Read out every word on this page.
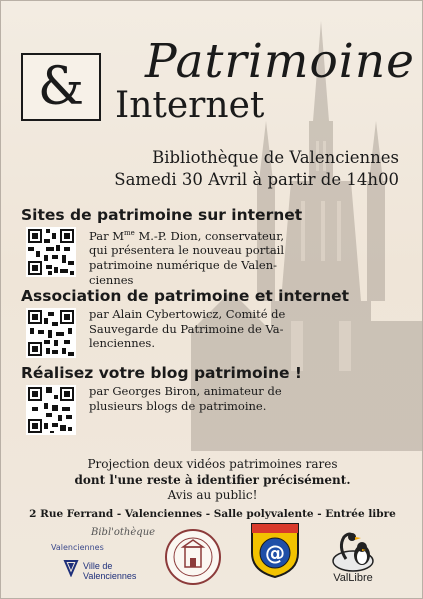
& Patrimoine
Internet
Bibliothèque de Valenciennes
Samedi 30 Avril à partir de 14h00
Sites de patrimoine sur internet
Par $M^{me}$ M.-P. Dion, conservateur,
qui présentera le nouveau portail
patrimoine numérique de Valen-
ciennes
Association de patrimoine et internet
par Alain Cybertowicz, Comité de
Sauvegarde du Patrimoine de Va-
lenciennes.
Réalisez votre blog patrimoine !
par Georges Biron, animateur de
plusieurs blogs de patrimoine.
Projection deux vidéos patrimoines rares
dont l'une reste à identifier précisément.
Avis au public!
2 Rue Ferrand - Valenciennes - Salle polyvalente - Entrée libre
Bibl'othèque
Valenciennes
Ville de
Valenciennes
@
ValLibre
